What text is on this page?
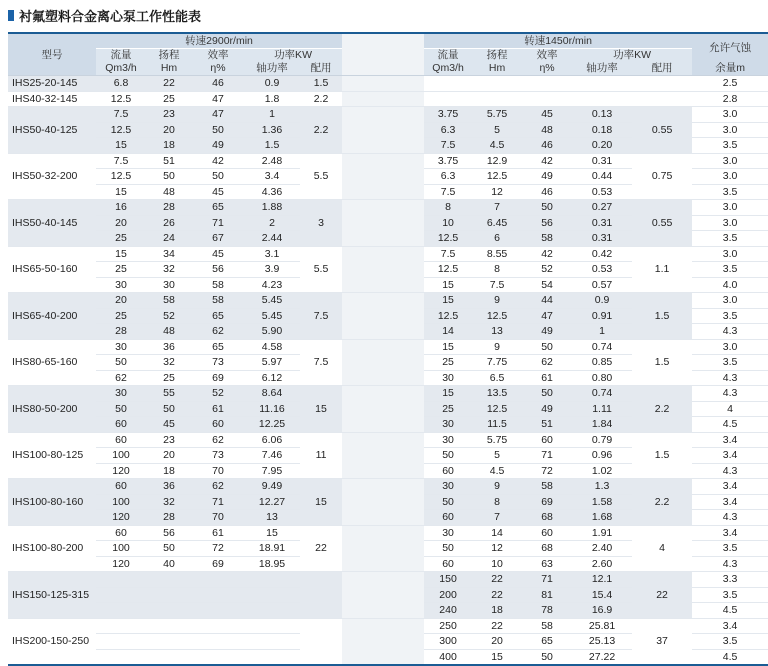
衬氟塑料合金离心泵工作性能表
型号	转速2900r/min						转速1450r/min					允许气蚀
	流量	扬程	效率	功率KW			流量	扬程	效率	功率KW		
	Qm3/h	Hm	η%	轴功率	配用		Qm3/h	Hm	η%	轴功率	配用	余量m
IHS25-20-145	6.8	22	46	0.9	1.5							2.5
IHS40-32-145	12.5	25	47	1.8	2.2							2.8
IHS50-40-125	7.5	23	47	1	2.2		3.75	5.75	45	0.13	0.55	3.0
	12.5	20	50	1.36			6.3	5	48	0.18		3.0
	15	18	49	1.5			7.5	4.5	46	0.20		3.5
IHS50-32-200	7.5	51	42	2.48	5.5		3.75	12.9	42	0.31	0.75	3.0
	12.5	50	50	3.4			6.3	12.5	49	0.44		3.0
	15	48	45	4.36			7.5	12	46	0.53		3.5
IHS50-40-145	16	28	65	1.88	3		8	7	50	0.27	0.55	3.0
	20	26	71	2			10	6.45	56	0.31		3.0
	25	24	67	2.44			12.5	6	58	0.31		3.5
IHS65-50-160	15	34	45	3.1	5.5		7.5	8.55	42	0.42	1.1	3.0
	25	32	56	3.9			12.5	8	52	0.53		3.5
	30	30	58	4.23			15	7.5	54	0.57		4.0
IHS65-40-200	20	58	58	5.45	7.5		15	9	44	0.9	1.5	3.0
	25	52	65	5.45			12.5	12.5	47	0.91		3.5
	28	48	62	5.90			14	13	49	1		4.3
IHS80-65-160	30	36	65	4.58	7.5		15	9	50	0.74	1.5	3.0
	50	32	73	5.97			25	7.75	62	0.85		3.5
	62	25	69	6.12			30	6.5	61	0.80		4.3
IHS80-50-200	30	55	52	8.64	15		15	13.5	50	0.74	2.2	4.3
	50	50	61	11.16			25	12.5	49	1.11		4
	60	45	60	12.25			30	11.5	51	1.84		4.5
IHS100-80-125	60	23	62	6.06	11		30	5.75	60	0.79	1.5	3.4
	100	20	73	7.46			50	5	71	0.96		3.4
	120	18	70	7.95			60	4.5	72	1.02		4.3
IHS100-80-160	60	36	62	9.49	15		30	9	58	1.3	2.2	3.4
	100	32	71	12.27			50	8	69	1.58		3.4
	120	28	70	13			60	7	68	1.68		4.3
IHS100-80-200	60	56	61	15	22		30	14	60	1.91	4	3.4
	100	50	72	18.91			50	12	68	2.40		3.5
	120	40	69	18.95			60	10	63	2.60		4.3
IHS150-125-315							150	22	71	12.1	22	3.3
							200	22	81	15.4		3.5
							240	18	78	16.9		4.5
IHS200-150-250							250	22	58	25.81	37	3.4
							300	20	65	25.13		3.5
							400	15	50	27.22		4.5
